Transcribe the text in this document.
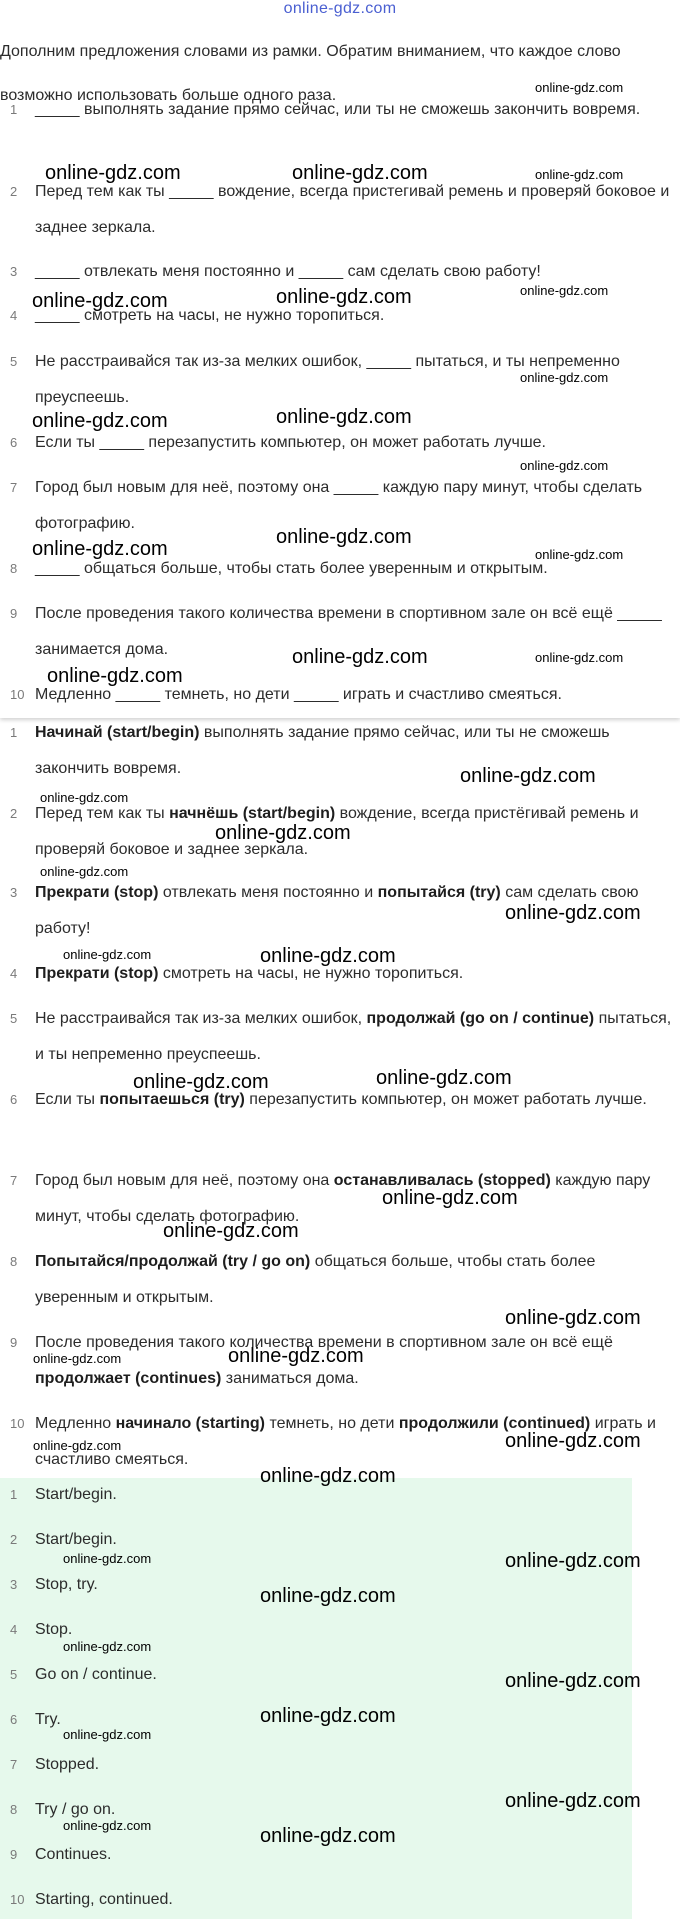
online-gdz.com
Дополним предложения словами из рамки. Обратим вниманием, что каждое слово возможно использовать больше одного раза.
1	_____ выполнять задание прямо сейчас, или ты не сможешь закончить вовремя.
2	Перед тем как ты _____ вождение, всегда пристегивай ремень и проверяй боковое и заднее зеркала.
3	_____ отвлекать меня постоянно и _____ сам сделать свою работу!
4	_____ смотреть на часы, не нужно торопиться.
5	Не расстраивайся так из-за мелких ошибок, _____ пытаться, и ты непременно преуспеешь.
6	Если ты _____ перезапустить компьютер, он может работать лучше.
7	Город был новым для неё, поэтому она _____ каждую пару минут, чтобы сделать фотографию.
8	_____ общаться больше, чтобы стать более уверенным и открытым.
9	После проведения такого количества времени в спортивном зале он всё ещё _____ занимается дома.
10 Медленно _____ темнеть, но дети _____ играть и счастливо смеяться.
1	Начинай (start/begin) выполнять задание прямо сейчас, или ты не сможешь закончить вовремя.
2	Перед тем как ты начнёшь (start/begin) вождение, всегда пристёгивай ремень и проверяй боковое и заднее зеркала.
3	Прекрати (stop) отвлекать меня постоянно и попытайся (try) сам сделать свою работу!
4	Прекрати (stop) смотреть на часы, не нужно торопиться.
5	Не расстраивайся так из-за мелких ошибок, продолжай (go on / continue) пытаться, и ты непременно преуспеешь.
6	Если ты попытаешься (try) перезапустить компьютер, он может работать лучше.
7	Город был новым для неё, поэтому она останавливалась (stopped) каждую пару минут, чтобы сделать фотографию.
8	Попытайся/продолжай (try / go on) общаться больше, чтобы стать более уверенным и открытым.
9	После проведения такого количества времени в спортивном зале он всё ещё продолжает (continues) заниматься дома.
10 Медленно начинало (starting) темнеть, но дети продолжили (continued) играть и счастливо смеяться.
1	Start/begin.
2	Start/begin.
3	Stop, try.
4	Stop.
5	Go on / continue.
6	Try.
7	Stopped.
8	Try / go on.
9	Continues.
10 Starting, continued.
online-gdz.com
online-gdz.com	online-gdz.com	online-gdz.com
online-gdz.com	online-gdz.com	online-gdz.com
online-gdz.com
online-gdz.com	online-gdz.com
online-gdz.com
online-gdz.com
online-gdz.com
online-gdz.com
online-gdz.com	online-gdz.com
online-gdz.com
online-gdz.com
online-gdz.com
online-gdz.com
online-gdz.com
online-gdz.com
online-gdz.com	online-gdz.com
online-gdz.com
online-gdz.com
online-gdz.com
online-gdz.com
online-gdz.com
online-gdz.com	online-gdz.com
online-gdz.com
online-gdz.com
online-gdz.com
online-gdz.com	online-gdz.com
online-gdz.com
online-gdz.com
online-gdz.com
online-gdz.com
online-gdz.com
online-gdz.com
online-gdz.com	online-gdz.com
